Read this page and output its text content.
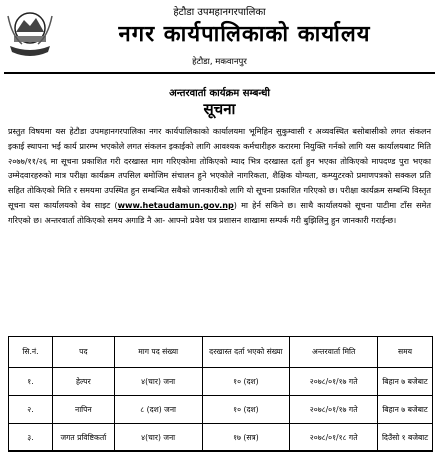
हेटौडा उपमहानगरपालिका
नगर कार्यपालिकाको कार्यालय
हेटौडा, मकवानपुर
अन्तरवार्ता कार्यक्रम सम्बन्धी
सूचना
प्रस्तुत विषयमा यस हेटौडा उपमहानगरपालिका नगर कार्यपालिकाको कार्यालयमा भूमिहिन सुकुम्वासी र अव्यवस्थित बसोबासीको लगत संकलन इकाई स्थापना भई कार्य प्रारम्भ भएकोले लगत संकलन इकाईको लागि आवश्यक कर्मचारीहरु करारमा नियुक्ति गर्नको लागि यस कार्यालयबाट मिति २०७७/११/२६ मा सूचना प्रकाशित गरी दरखास्त माग गरिएकोमा तोकिएको म्याद भित्र दरखास्त दर्ता हुन भएका तोकिएको मापदण्ड पुरा भएका उम्मेदवारहरुको मात्र परीक्षा कार्यक्रम तपसिल बमोजिम संचालन हुने भएकोले नागरिकता, शैक्षिक योग्यता, कम्प्युटरको प्रमाणपत्रको सक्कल प्रति सहित तोकिएको मिति र समयमा उपस्थित हुन सम्बन्धित सबैको जानकारीको लागि यो सूचना प्रकाशित गरिएको छ। परीक्षा कार्यक्रम सम्बन्धि विस्तृत सूचना यस कार्यालयको वेब साइट (www.hetaudamun.gov.np) मा हेर्न सकिने छ। साथै कार्यालयको सूचना पाटीमा टाँस समेत गरिएको छ। अन्तरवार्ता तोकिएको समय अगाडि नै आ- आफ्नो प्रवेश पत्र प्रशासन शाखामा सम्पर्क गरी बुझिलिनु हुन जानकारी गराईन्छ।
सि.नं.	पद	माग पद संख्या	दरखास्त दर्ता भएको संख्या	अन्तरवार्ता मिति	समय
१.	हेल्पर	४(चार) जना	१० (दश)	२०७८/०१/१७ गते	बिहान ७ बजेबाट
२.	नापिन	८ (दश) जना	१० (दश)	२०७८/०१/१७ गते	बिहान ७ बजेबाट
३.	जगत प्रविष्टिकर्ता	४(चार) जना	१७ (सत्र)	२०७८/०१/१८ गते	दिउँसो १ बजेबाट
